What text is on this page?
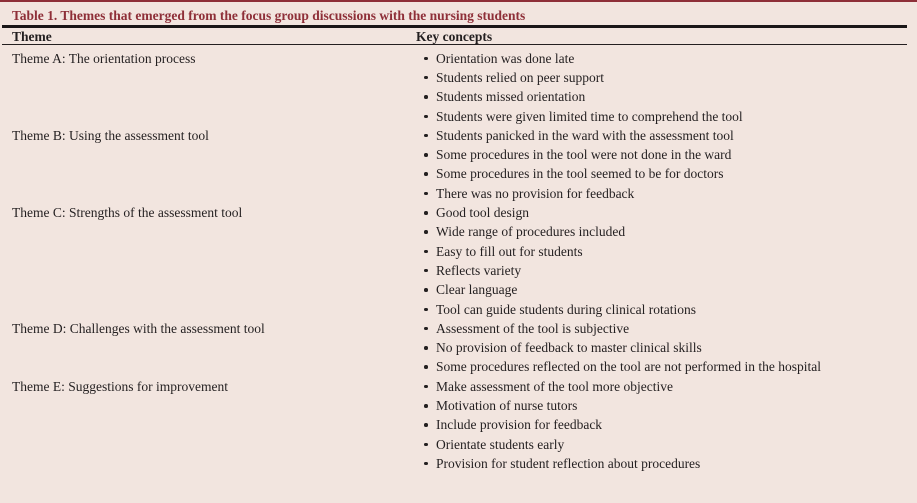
Table 1. Themes that emerged from the focus group discussions with the nursing students
Theme	Key concepts
Theme A: The orientation process	Orientation was done late
Students relied on peer support
Students missed orientation
Students were given limited time to comprehend the tool
Theme B: Using the assessment tool	Students panicked in the ward with the assessment tool
Some procedures in the tool were not done in the ward
Some procedures in the tool seemed to be for doctors
There was no provision for feedback
Theme C: Strengths of the assessment tool	Good tool design
Wide range of procedures included
Easy to fill out for students
Reflects variety
Clear language
Tool can guide students during clinical rotations
Theme D: Challenges with the assessment tool	Assessment of the tool is subjective
No provision of feedback to master clinical skills
Some procedures reflected on the tool are not performed in the hospital
Theme E: Suggestions for improvement	Make assessment of the tool more objective
Motivation of nurse tutors
Include provision for feedback
Orientate students early
Provision for student reflection about procedures
